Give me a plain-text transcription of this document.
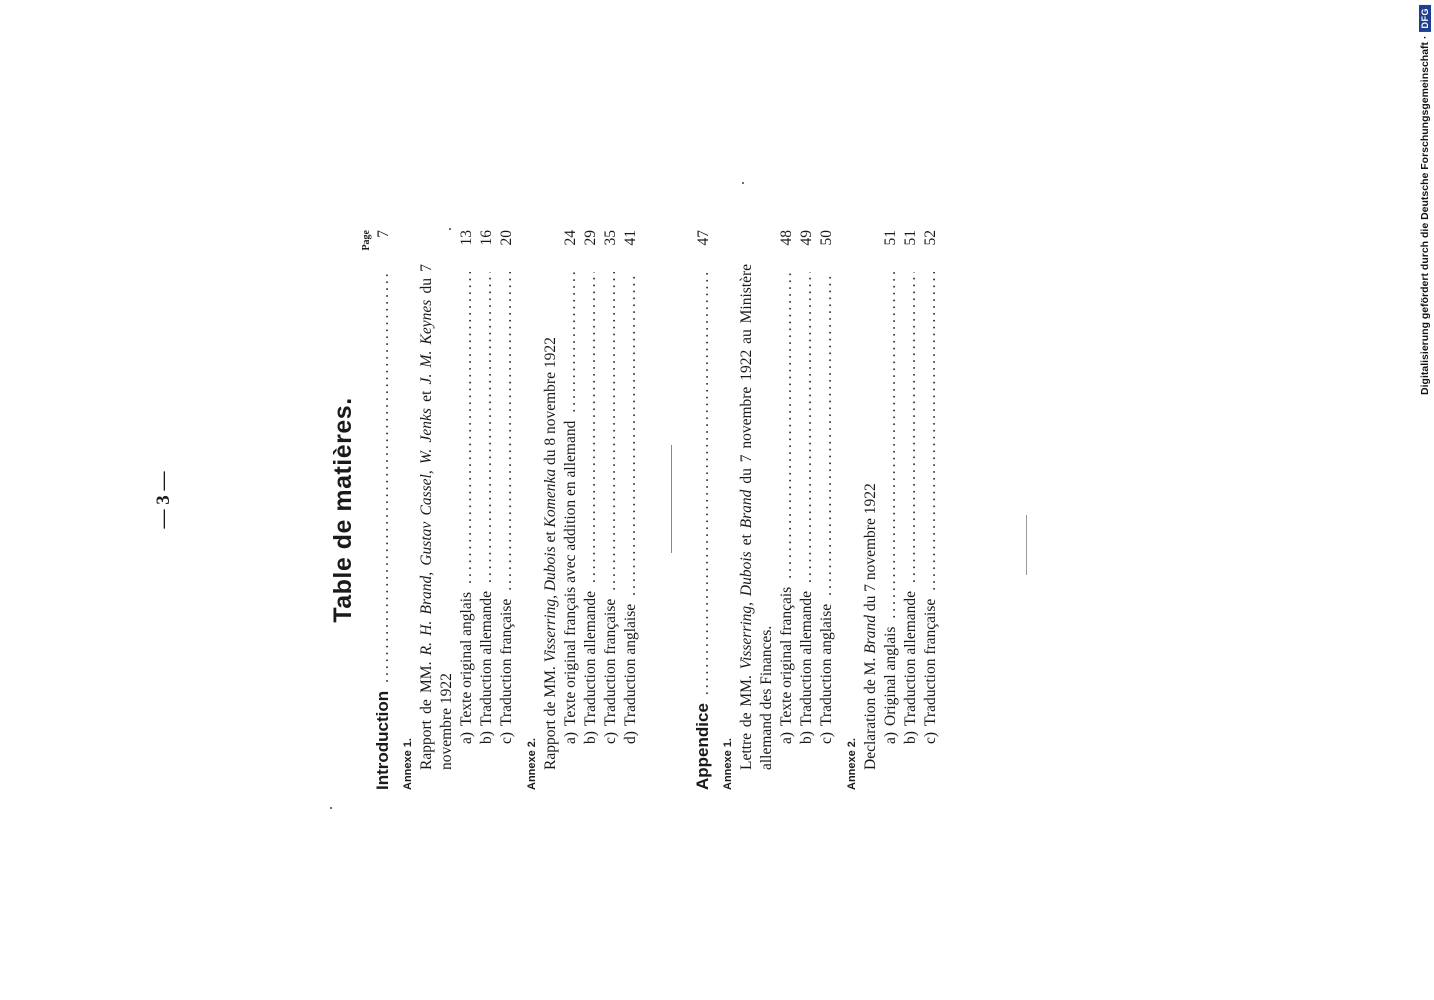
— 3 —	Table de matières.
Page
Introduction
.....
7
Annexe 1. Rapport de MM. R. H. Brand, Gustav Cassel, W. Jenks et J. M. Keynes du 7 novembre 1922 a)Texte original anglais
.....
13
b)Traduction allemande
.....
16
c)Traduction française
.....
20
Annexe 2. Rapport de MM. Visserring, Dubois et Komenka du 8 novembre 1922
a)Texte original français avec addition en allemand
.....
24
b)Traduction allemande
.....
29
c)Traduction française
.....
35
d)Traduction anglaise
.....
41
Appendice
.....
47
Annexe 1. Lettre de MM. Visserring, Dubois et Brand du 7 novembre 1922 au Ministère allemand des Finances. a)Texte original français
.....
48
b)Traduction allemande
.....
49
c)Traduction anglaise
.....
50
Annexe 2. Declaration de M. Brand du 7 novembre 1922
a)Original anglais
.....
51
b)Traduction allemande
.....
51
c)Traduction française
.....
52	Digitalisierung gefördert durch die Deutsche Forschungsgemeinschaft ·
DFG
